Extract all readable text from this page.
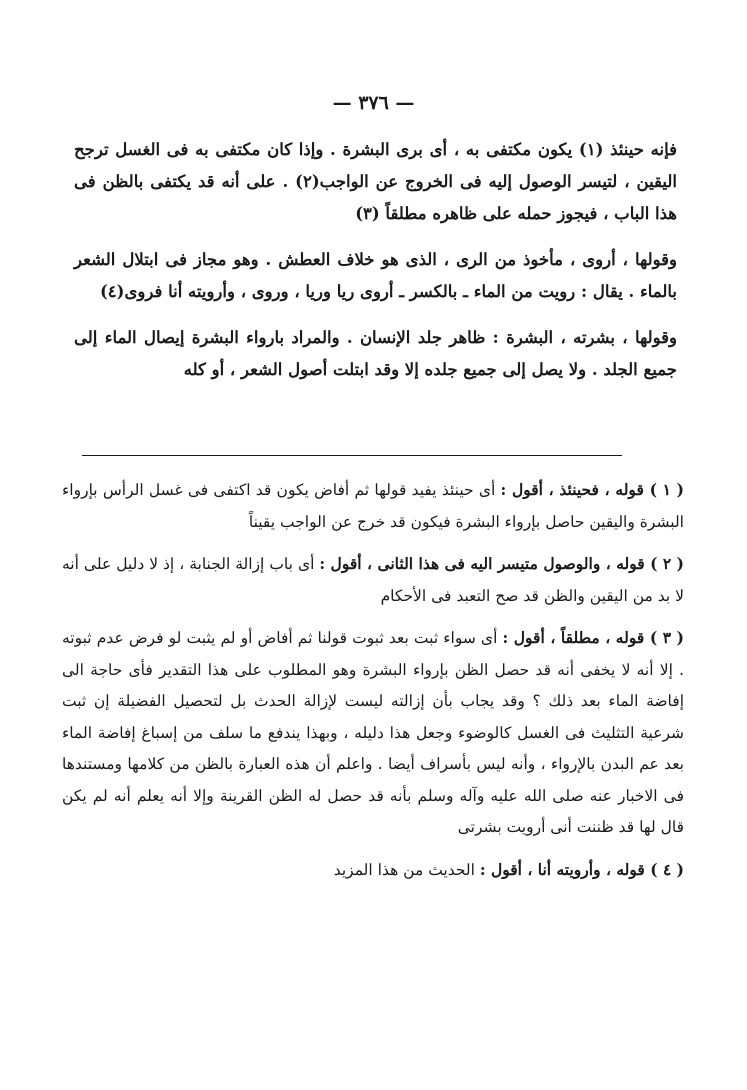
— ٣٧٦ —

فإنه حينئذ (١) يكون مكتفى به ، أى برى البشرة . وإذا كان مكتفى به فى الغسل ترجح اليقين ، لتيسر الوصول إليه فى الخروج عن الواجب(٢) . على أنه قد يكتفى بالظن فى هذا الباب ، فيجوز حمله على ظاهره مطلقاً (٣)

وقولها ، أروى ، مأخوذ من الرى ، الذى هو خلاف العطش . وهو مجاز فى ابتلال الشعر بالماء . يقال : رويت من الماء ـ بالكسر ـ أروى ريا وريا ، وروى ، وأرويته أنا فروى(٤)

وقولها ، بشرته ، البشرة : ظاهر جلد الإنسان . والمراد بارواء البشرة إيصال الماء إلى جميع الجلد . ولا يصل إلى جميع جلده إلا وقد ابتلت أصول الشعر ، أو كله

( ١ ) قوله ، فحينئذ ، أقول : أى حينئذ يفيد قولها ثم أفاض يكون قد اكتفى فى غسل الرأس بإرواء البشرة واليقين حاصل بإرواء البشرة فيكون قد خرج عن الواجب يقيناً

( ٢ ) قوله ، والوصول متيسر اليه فى هذا الثانى ، أقول : أى باب إزالة الجنابة ، إذ لا دليل على أنه لا بد من اليقين والظن قد صح التعبد فى الأحكام

( ٣ ) قوله ، مطلقاً ، أقول : أى سواء ثبت بعد ثبوت قولنا ثم أفاض أو لم يثبت لو فرض عدم ثبوته . إلا أنه لا يخفى أنه قد حصل الظن بإرواء البشرة وهو المطلوب على هذا التقدير فأى حاجة الى إفاضة الماء بعد ذلك ؟ وقد يجاب بأن إزالته ليست لإزالة الحدث بل لتحصيل الفضيلة إن ثبت شرعية التثليث فى الغسل كالوضوء وجعل هذا دليله ، وبهذا يندفع ما سلف من إسباغ إفاضة الماء بعد عم البدن بالإرواء ، وأنه ليس بأسراف أيضا . واعلم أن هذه العبارة بالظن من كلامها ومستندها فى الاخبار عنه صلى الله عليه وآله وسلم بأنه قد حصل له الظن القرينة وإلا أنه يعلم أنه لم يكن قال لها قد ظننت أنى أرويت بشرتى

( ٤ ) قوله ، وأرويته أنا ، أقول : الحديث من هذا المزيد
